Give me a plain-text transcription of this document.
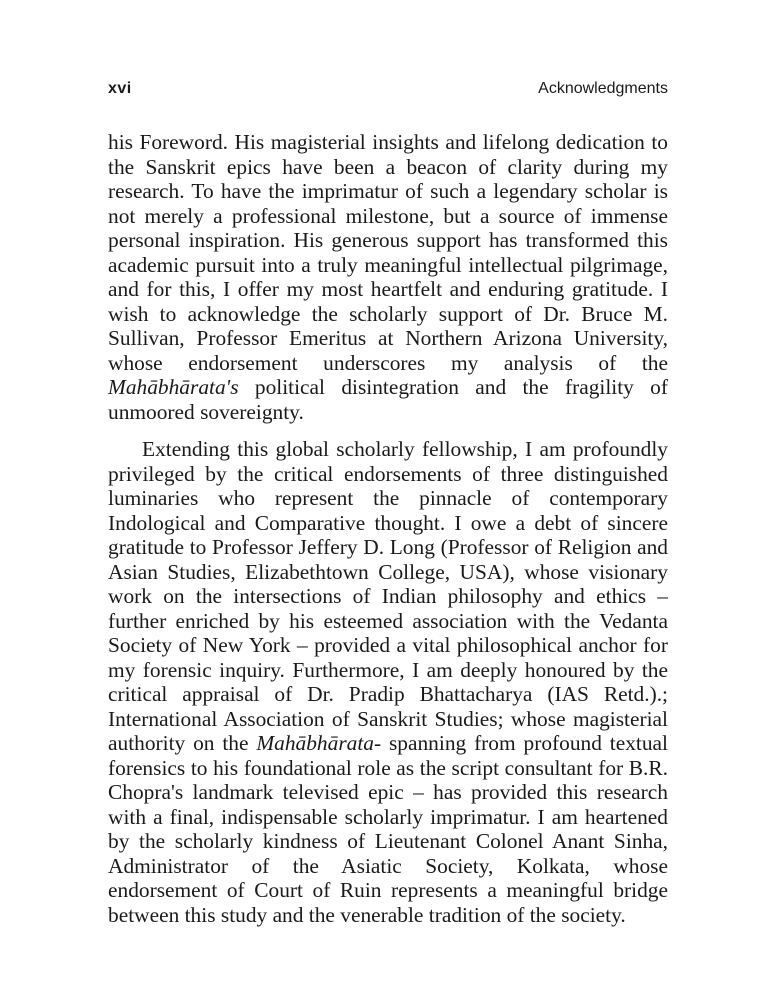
xvi	Acknowledgments

his Foreword. His magisterial insights and lifelong dedication to the Sanskrit epics have been a beacon of clarity during my research. To have the imprimatur of such a legendary scholar is not merely a professional milestone, but a source of immense personal inspiration. His generous support has transformed this academic pursuit into a truly meaningful intellectual pilgrimage, and for this, I offer my most heartfelt and enduring gratitude. I wish to acknowledge the scholarly support of Dr. Bruce M. Sullivan, Professor Emeritus at Northern Arizona University, whose endorsement underscores my analysis of the Mahābhārata's political disintegration and the fragility of unmoored sovereignty.

Extending this global scholarly fellowship, I am profoundly privileged by the critical endorsements of three distinguished luminaries who represent the pinnacle of contemporary Indological and Comparative thought. I owe a debt of sincere gratitude to Professor Jeffery D. Long (Professor of Religion and Asian Studies, Elizabethtown College, USA), whose visionary work on the intersections of Indian philosophy and ethics – further enriched by his esteemed association with the Vedanta Society of New York – provided a vital philosophical anchor for my forensic inquiry. Furthermore, I am deeply honoured by the critical appraisal of Dr. Pradip Bhattacharya (IAS Retd.).; International Association of Sanskrit Studies; whose magisterial authority on the Mahābhārata- spanning from profound textual forensics to his foundational role as the script consultant for B.R. Chopra's landmark televised epic – has provided this research with a final, indispensable scholarly imprimatur. I am heartened by the scholarly kindness of Lieutenant Colonel Anant Sinha, Administrator of the Asiatic Society, Kolkata, whose endorsement of Court of Ruin represents a meaningful bridge between this study and the venerable tradition of the society.
